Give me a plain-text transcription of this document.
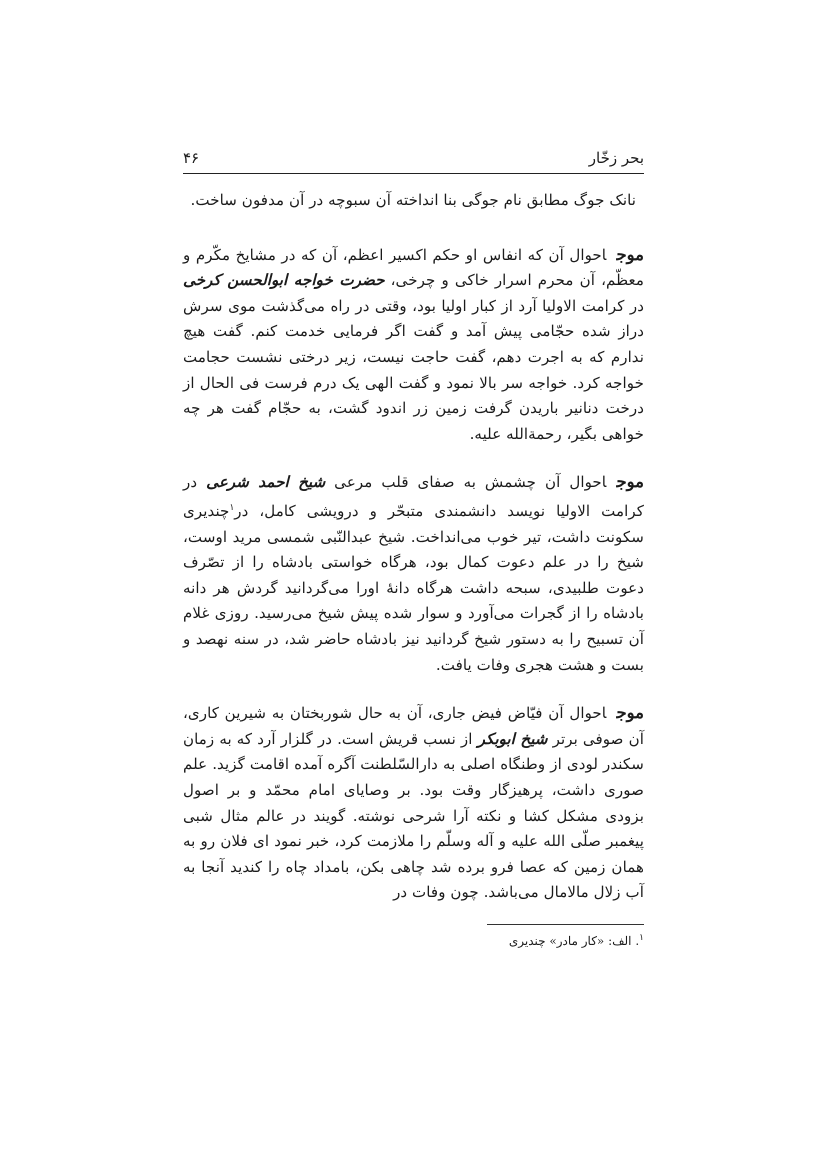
۴۶	بحر زخّار

نانک جوگ مطابق نام جوگی بنا انداخته آن سبوچه در آن مدفون ساخت.

موجاحوال آن که انفاس او حکم اکسیر اعظم، آن که در مشایخ مکّرم و معظّم، آن محرم اسرار خاکی و چرخی، حضرت خواجه ابوالحسن کرخی در کرامت الاولیا آرد از کبار اولیا بود، وقتی در راه می‌گذشت موی سرش دراز شده حجّامی پیش آمد و گفت اگر فرمایی خدمت کنم. گفت هیچ ندارم که به اجرت دهم، گفت حاجت نیست، زیر درختی نشست حجامت خواجه کرد. خواجه سر بالا نمود و گفت الهی یک درم فرست فی الحال از درخت دنانیر باریدن گرفت زمین زر اندود گشت، به حجّام گفت هر چه خواهی بگیر، رحمةالله علیه.

موجاحوال آن چشمش به صفای قلب مرعی شیخ احمد شرعی در کرامت الاولیا نویسد دانشمندی متبحّر و درویشی کامل، در$^۱$چندیری سکونت داشت، تیر خوب می‌انداخت. شیخ عبدالنّبی شمسی مرید اوست، شیخ را در علم دعوت کمال بود، هرگاه خواستی بادشاه را از تصّرف دعوت طلبیدی، سبحه داشت هرگاه دانهٔ اورا می‌گردانید گردش هر دانه بادشاه را از گجرات می‌آورد و سوار شده پیش شیخ می‌رسید. روزی غلام آن تسبیح را به دستور شیخ گردانید نیز بادشاه حاضر شد، در سنه نهصد و بست و هشت هجری وفات یافت.

موجاحوال آن فیّاض فیض جاری، آن به حال شوربختان به شیرین کاری، آن صوفی برتر شیخ ابوبکر از نسب قریش است. در گلزار آرد که به زمان سکندر لودی از وطنگاه اصلی به دارالسّلطنت آگره آمده اقامت گزید. علم صوری داشت، پرهیزگار وقت بود. بر وصایای امام محمّد و بر اصول بزودی مشکل کشا و نکته آرا شرحی نوشته. گویند در عالم مثال شبی پیغمبر صلّی الله علیه و آله وسلّم را ملازمت کرد، خبر نمود ای فلان رو به همان زمین که عصا فرو برده شد چاهی بکن، بامداد چاه را کندید آنجا به آب زلال مالامال می‌باشد. چون وفات در

$^۱$. الف: «کار مادر» چندیری
